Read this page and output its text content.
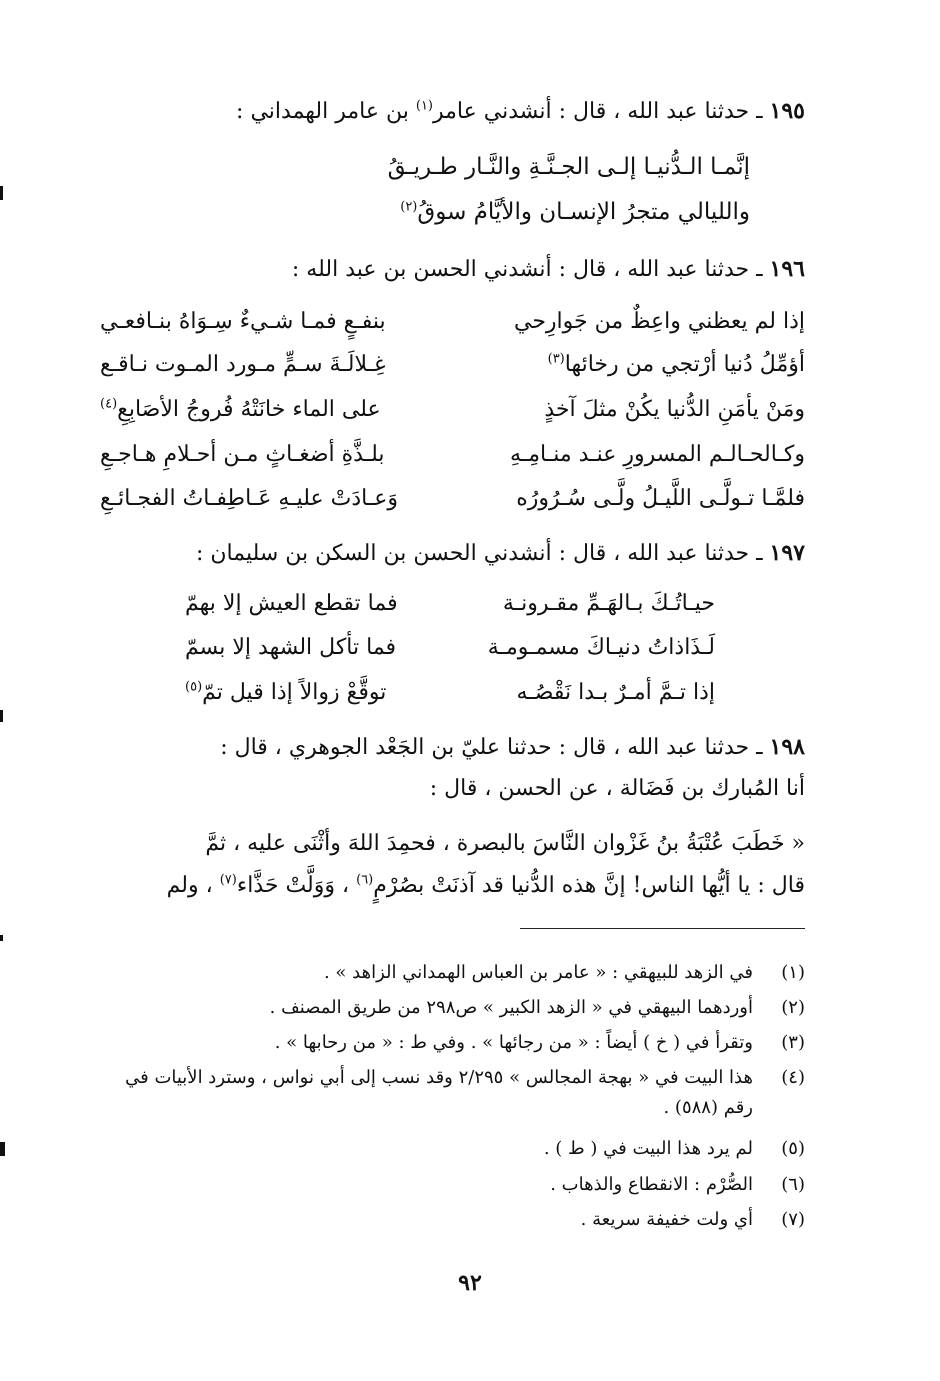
١٩٥ ـ حدثنا عبد الله ، قال : أنشدني عامر$^{(١)}$ بن عامر الهمداني :
إنَّمـا الـدُّنيـا إلـى الجـنَّـةِ والنَّـار طـريـقُ
والليالي متجرُ الإنسـان والأيَّامُ سوقُ$^{(٢)}$
١٩٦ ـ حدثنا عبد الله ، قال : أنشدني الحسن بن عبد الله :
إذا لم يعظني واعِظٌ من جَوارِحي
بنفـعٍ فمـا شـيءٌ سِـوَاهُ بنـافعـي
أؤمِّلُ دُنيا أرْتجي من رخائها$^{(٣)}$
غِـلالَـةَ سـمٍّ مـورد المـوت نـاقـع
ومَنْ يأمَنِ الدُّنيا يكُنْ مثلَ آخذٍ
على الماء خانَتْهُ فُروجُ الأصَابِعِ$^{(٤)}$
وكـالحـالـم المسرورِ عنـد منـامِـهِ
بلـذَّةِ أضغـاثٍ مـن أحـلامِ هـاجـعِ
فلمَّـا تـولَّـى اللَّيـلُ ولَّـى سُـرُورُه
وَعـادَتْ عليـهِ عَـاطِفـاتُ الفجـائـعِ
١٩٧ ـ حدثنا عبد الله ، قال : أنشدني الحسن بن السكن بن سليمان :
حيـاتُـكَ بـالهَـمِّ مقـرونـة
فما تقطع العيش إلا بهمّ
لَـذَاذاتُ دنيـاكَ مسمـومـة
فما تأكل الشهد إلا بسمّ
إذا تـمَّ أمـرٌ بـدا نَقْصُـه
توقَّعْ زوالاً إذا قيل تمّ$^{(٥)}$
١٩٨ ـ حدثنا عبد الله ، قال : حدثنا عليّ بن الجَعْد الجوهري ، قال :
أنا المُبارك بن فَضَالة ، عن الحسن ، قال :
« خَطَبَ عُتْبَةُ بنُ غَزْوان النَّاسَ بالبصرة ، فحمِدَ اللهَ وأثْنَى عليه ، ثمَّ
قال : يا أيُّها الناس! إنَّ هذه الدُّنيا قد آذنَتْ بصُرْمٍ$^{(٦)}$ ، وَوَلَّتْ حَذَّاء$^{(٧)}$ ، ولم
(١)
في الزهد للبيهقي : « عامر بن العباس الهمداني الزاهد » .
(٢)
أوردهما البيهقي في « الزهد الكبير » ص٢٩٨ من طريق المصنف .
(٣)
وتقرأ في ( خ ) أيضاً : « من رجائها » . وفي ط : « من رحابها » .
(٤)
هذا البيت في « بهجة المجالس » ٢/٢٩٥ وقد نسب إلى أبي نواس ، وسترد الأبيات في رقم (٥٨٨) .
(٥)
لم يرد هذا البيت في ( ط ) .
(٦)
الصُّرْم : الانقطاع والذهاب .
(٧)
أي ولت خفيفة سريعة .
٩٢
